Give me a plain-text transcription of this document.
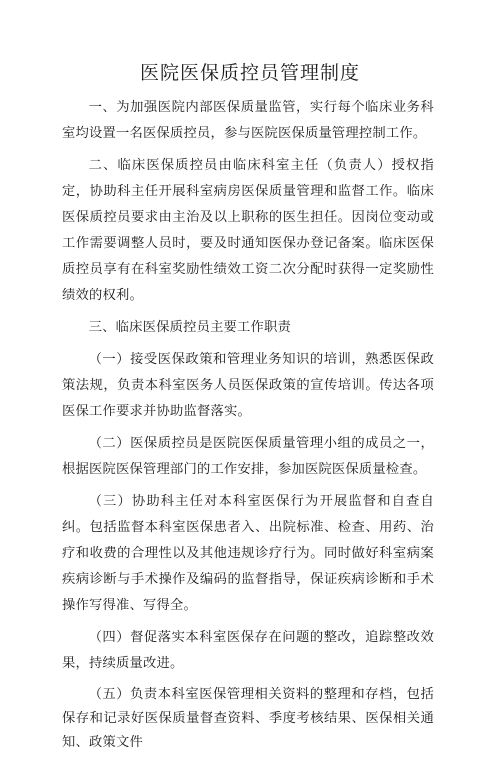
医院医保质控员管理制度

一、为加强医院内部医保质量监管，实行每个临床业务科室均设置一名医保质控员，参与医院医保质量管理控制工作。

二、临床医保质控员由临床科室主任（负责人）授权指定，协助科主任开展科室病房医保质量管理和监督工作。临床医保质控员要求由主治及以上职称的医生担任。因岗位变动或工作需要调整人员时，要及时通知医保办登记备案。临床医保质控员享有在科室奖励性绩效工资二次分配时获得一定奖励性绩效的权利。

三、临床医保质控员主要工作职责

（一）接受医保政策和管理业务知识的培训，熟悉医保政策法规，负责本科室医务人员医保政策的宣传培训。传达各项医保工作要求并协助监督落实。

（二）医保质控员是医院医保质量管理小组的成员之一，根据医院医保管理部门的工作安排，参加医院医保质量检查。

（三）协助科主任对本科室医保行为开展监督和自查自纠。包括监督本科室医保患者入、出院标准、检查、用药、治疗和收费的合理性以及其他违规诊疗行为。同时做好科室病案疾病诊断与手术操作及编码的监督指导，保证疾病诊断和手术操作写得准、写得全。

（四）督促落实本科室医保存在问题的整改，追踪整改效果，持续质量改进。

（五）负责本科室医保管理相关资料的整理和存档，包括保存和记录好医保质量督查资料、季度考核结果、医保相关通知、政策文件
